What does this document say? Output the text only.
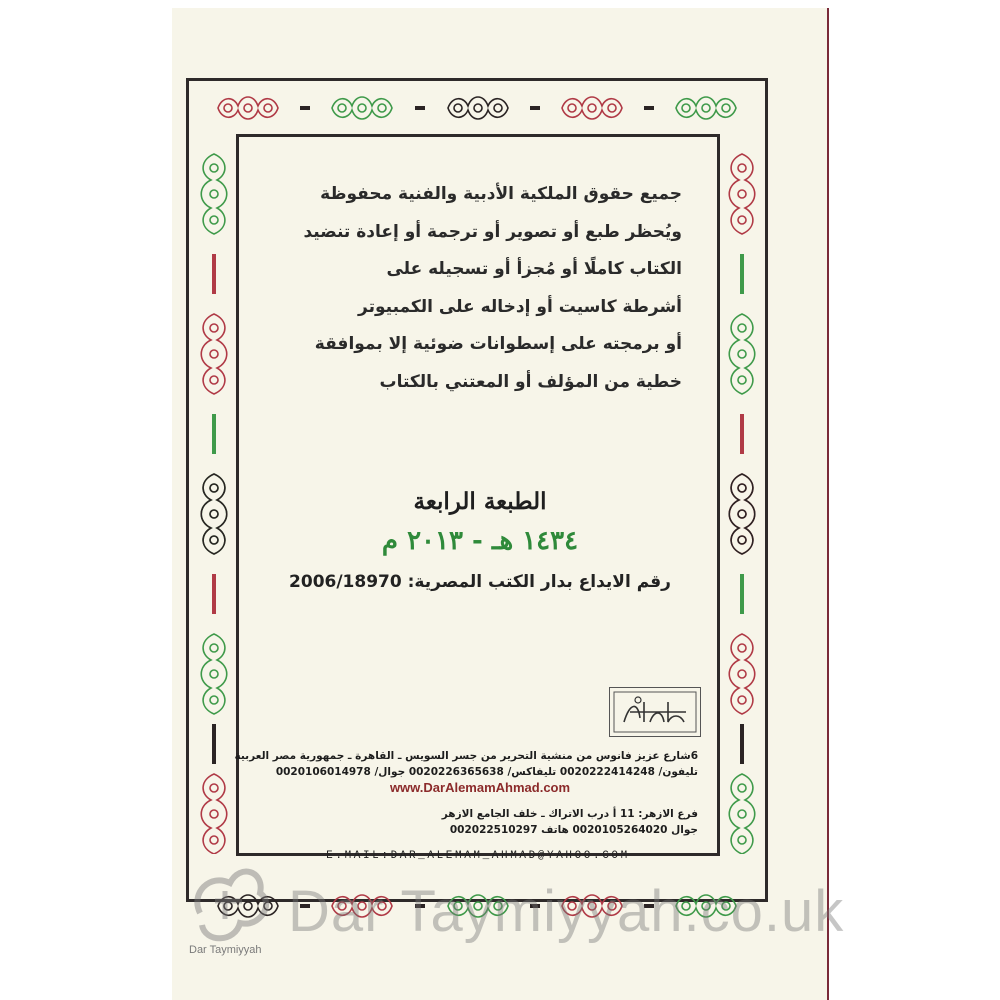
جميع حقوق الملكية الأدبية والفنية محفوظة
ويُحظر طبع أو تصوير أو ترجمة أو إعادة تنضيد
الكتاب كاملًا أو مُجزأ أو تسجيله على
أشرطة كاسيت أو إدخاله على الكمبيوتر
أو برمجته على إسطوانات ضوئية إلا بموافقة
خطية من المؤلف أو المعتني بالكتاب
الطبعة الرابعة
١٤٣٤ هـ - ٢٠١٣ م
رقم الايداع بدار الكتب المصرية: 2006/18970
6شارع عزيز فانوس من منشية التحرير من جسر السويس ـ القاهرة ـ جمهورية مصر العربية
تليفون/ 0020222414248 تليفاكس/ 0020226365638 جوال/ 0020106014978
www.DarAlemamAhmad.com
فرع الازهر: 11 أ درب الاتراك ـ خلف الجامع الازهر
جوال 0020105264020 هاتف 002022510297
E.MAIL:DAR_ALEMAM_AHMAD@YAHOO.COM
Dar Taymiyyah.co.uk
Dar Taymiyyah
